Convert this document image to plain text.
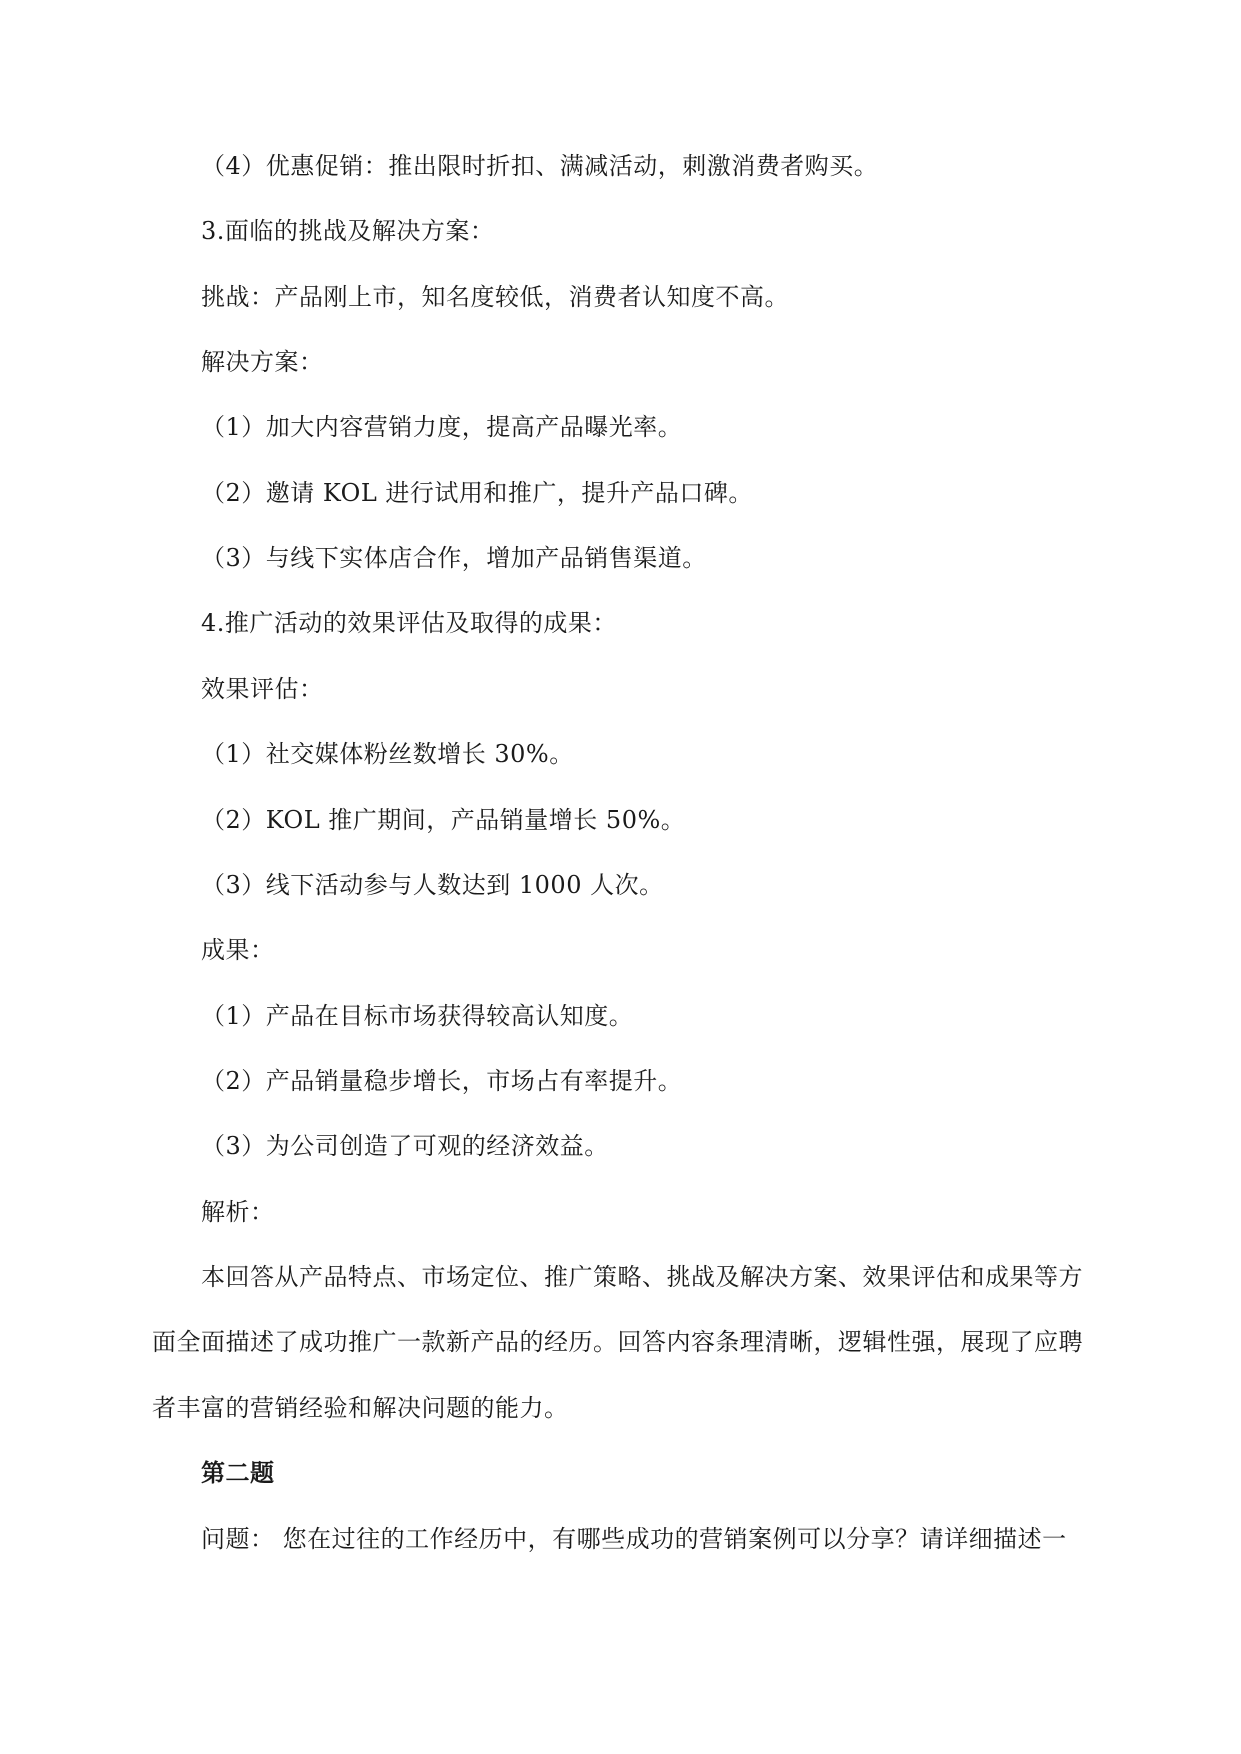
（4）优惠促销：推出限时折扣、满减活动，刺激消费者购买。
3.面临的挑战及解决方案：
挑战：产品刚上市，知名度较低，消费者认知度不高。
解决方案：
（1）加大内容营销力度，提高产品曝光率。
（2）邀请 KOL 进行试用和推广，提升产品口碑。
（3）与线下实体店合作，增加产品销售渠道。
4.推广活动的效果评估及取得的成果：
效果评估：
（1）社交媒体粉丝数增长 30%。
（2）KOL 推广期间，产品销量增长 50%。
（3）线下活动参与人数达到 1000 人次。
成果：
（1）产品在目标市场获得较高认知度。
（2）产品销量稳步增长，市场占有率提升。
（3）为公司创造了可观的经济效益。
解析：
本回答从产品特点、市场定位、推广策略、挑战及解决方案、效果评估和成果等方
面全面描述了成功推广一款新产品的经历。回答内容条理清晰，逻辑性强，展现了应聘
者丰富的营销经验和解决问题的能力。
第二题
问题： 您在过往的工作经历中，有哪些成功的营销案例可以分享？请详细描述一
